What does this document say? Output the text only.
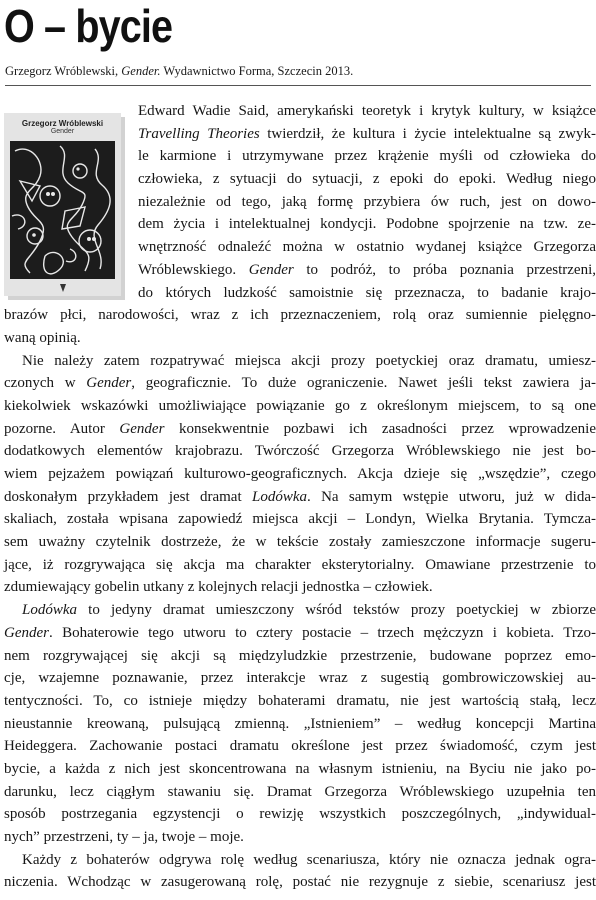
O – bycie

Grzegorz Wróblewski, Gender. Wydawnictwo Forma, Szczecin 2013.

Grzegorz Wróblewski
Gender
Edward Wadie Said, amerykański teoretyk i krytyk kultury, w książce
Travelling Theories twierdził, że kultura i życie intelektualne są zwyk-
le karmione i utrzymywane przez krążenie myśli od człowieka do
człowieka, z sytuacji do sytuacji, z epoki do epoki. Według niego
niezależnie od tego, jaką formę przybiera ów ruch, jest on dowo-
dem życia i intelektualnej kondycji. Podobne spojrzenie na tzw. ze-
wnętrzność odnaleźć można w ostatnio wydanej książce Grzegorza
Wróblewskiego. Gender to podróż, to próba poznania przestrzeni,
do których ludzkość samoistnie się przeznacza, to badanie krajo-
brazów płci, narodowości, wraz z ich przeznaczeniem, rolą oraz sumiennie pielęgno-
waną opinią.
Nie należy zatem rozpatrywać miejsca akcji prozy poetyckiej oraz dramatu, umiesz-
czonych w Gender, geograficznie. To duże ograniczenie. Nawet jeśli tekst zawiera ja-
kiekolwiek wskazówki umożliwiające powiązanie go z określonym miejscem, to są one
pozorne. Autor Gender konsekwentnie pozbawi ich zasadności przez wprowadzenie
dodatkowych elementów krajobrazu. Twórczość Grzegorza Wróblewskiego nie jest bo-
wiem pejzażem powiązań kulturowo-geograficznych. Akcja dzieje się „wszędzie”, czego
doskonałym przykładem jest dramat Lodówka. Na samym wstępie utworu, już w dida-
skaliach, została wpisana zapowiedź miejsca akcji – Londyn, Wielka Brytania. Tymcza-
sem uważny czytelnik dostrzeże, że w tekście zostały zamieszczone informacje sugeru-
jące, iż rozgrywająca się akcja ma charakter eksterytorialny. Omawiane przestrzenie to
zdumiewający gobelin utkany z kolejnych relacji jednostka – człowiek.
Lodówka to jedyny dramat umieszczony wśród tekstów prozy poetyckiej w zbiorze
Gender. Bohaterowie tego utworu to cztery postacie – trzech mężczyzn i kobieta. Trzo-
nem rozgrywającej się akcji są międzyludzkie przestrzenie, budowane poprzez emo-
cje, wzajemne poznawanie, przez interakcje wraz z sugestią gombrowiczowskiej au-
tentyczności. To, co istnieje między bohaterami dramatu, nie jest wartością stałą, lecz
nieustannie kreowaną, pulsującą zmienną. „Istnieniem” – według koncepcji Martina
Heideggera. Zachowanie postaci dramatu określone jest przez świadomość, czym jest
bycie, a każda z nich jest skoncentrowana na własnym istnieniu, na Byciu nie jako po-
darunku, lecz ciągłym stawaniu się. Dramat Grzegorza Wróblewskiego uzupełnia ten
sposób postrzegania egzystencji o rewizję wszystkich poszczególnych, „indywidual-
nych” przestrzeni, ty – ja, twoje – moje.
Każdy z bohaterów odgrywa rolę według scenariusza, który nie oznacza jednak ogra-
niczenia. Wchodząc w zasugerowaną rolę, postać nie rezygnuje z siebie, scenariusz jest
